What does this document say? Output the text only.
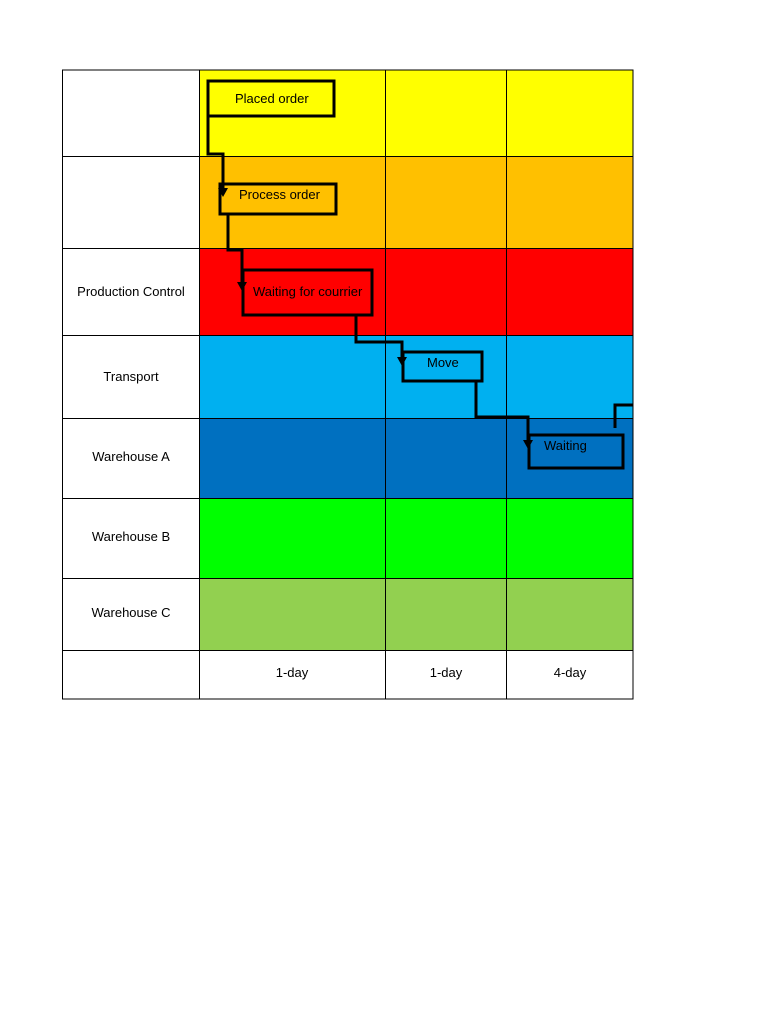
Production Control
Transport
Warehouse A
Warehouse B
Warehouse C
1-day	1-day	4-day
Placed order
Process order
Waiting for courrier
Move
Waiting
